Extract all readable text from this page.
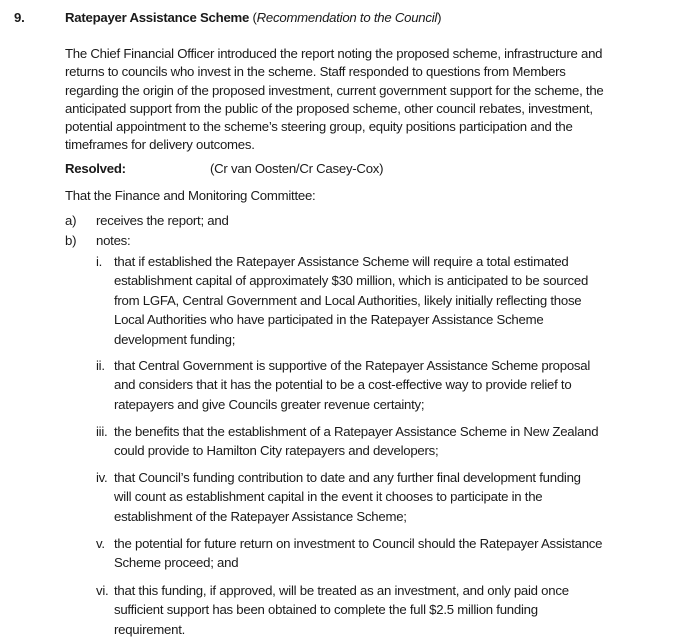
9.	Ratepayer Assistance Scheme (Recommendation to the Council)
The Chief Financial Officer introduced the report noting the proposed scheme, infrastructure and
returns to councils who invest in the scheme. Staff responded to questions from Members
regarding the origin of the proposed investment, current government support for the scheme, the
anticipated support from the public of the proposed scheme, other council rebates, investment,
potential appointment to the scheme’s steering group, equity positions participation and the
timeframes for delivery outcomes.
Resolved:	(Cr van Oosten/Cr Casey-Cox)
That the Finance and Monitoring Committee:
a) receives the report; and
b) notes:
i. that if established the Ratepayer Assistance Scheme will require a total estimated
establishment capital of approximately $30 million, which is anticipated to be sourced
from LGFA, Central Government and Local Authorities, likely initially reflecting those
Local Authorities who have participated in the Ratepayer Assistance Scheme
development funding;
ii. that Central Government is supportive of the Ratepayer Assistance Scheme proposal
and considers that it has the potential to be a cost-effective way to provide relief to
ratepayers and give Councils greater revenue certainty;
iii. the benefits that the establishment of a Ratepayer Assistance Scheme in New Zealand
could provide to Hamilton City ratepayers and developers;
iv. that Council’s funding contribution to date and any further final development funding
will count as establishment capital in the event it chooses to participate in the
establishment of the Ratepayer Assistance Scheme;
v. the potential for future return on investment to Council should the Ratepayer Assistance
Scheme proceed; and
vi. that this funding, if approved, will be treated as an investment, and only paid once
sufficient support has been obtained to complete the full $2.5 million funding
requirement.
